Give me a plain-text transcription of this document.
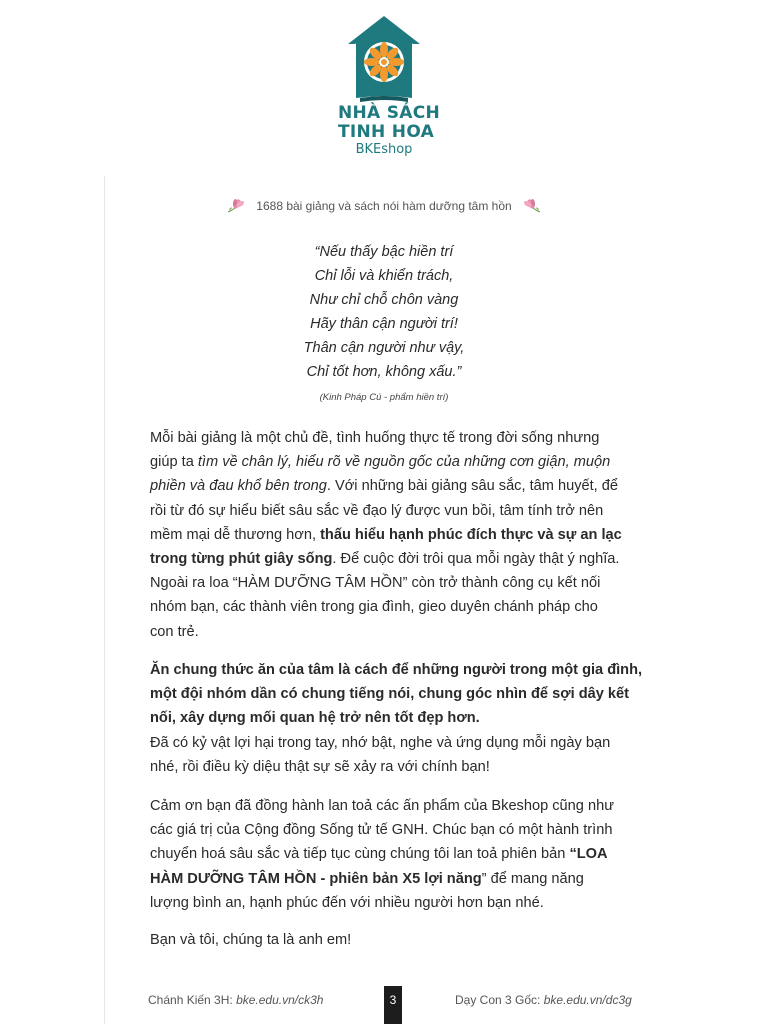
NHÀ SÁCH
TINH HOA
BKEshop
1688 bài giảng và sách nói hàm dưỡng tâm hồn
“Nếu thấy bậc hiền trí
Chỉ lỗi và khiển trách,
Như chỉ chỗ chôn vàng
Hãy thân cận người trí!
Thân cận người như vậy,
Chỉ tốt hơn, không xấu.”
(Kinh Pháp Cú - phẩm hiền trí)
Mỗi bài giảng là một chủ đề, tình huống thực tế trong đời sống nhưng
giúp ta tìm về chân lý, hiểu rõ về nguồn gốc của những cơn giận, muộn
phiền và đau khổ bên trong. Với những bài giảng sâu sắc, tâm huyết, để
rồi từ đó sự hiểu biết sâu sắc về đạo lý được vun bồi, tâm tính trở nên
mềm mại dễ thương hơn, thấu hiểu hạnh phúc đích thực và sự an lạc
trong từng phút giây sống. Để cuộc đời trôi qua mỗi ngày thật ý nghĩa.
Ngoài ra loa “HÀM DƯỠNG TÂM HỒN” còn trở thành công cụ kết nối
nhóm bạn, các thành viên trong gia đình, gieo duyên chánh pháp cho
con trẻ.
Ăn chung thức ăn của tâm là cách để những người trong một gia đình,
một đội nhóm dần có chung tiếng nói, chung góc nhìn để sợi dây kết
nối, xây dựng mối quan hệ trở nên tốt đẹp hơn.
Đã có kỷ vật lợi hại trong tay, nhớ bật, nghe và ứng dụng mỗi ngày bạn
nhé, rồi điều kỳ diệu thật sự sẽ xảy ra với chính bạn!
Cảm ơn bạn đã đồng hành lan toả các ấn phẩm của Bkeshop cũng như
các giá trị của Cộng đồng Sống tử tế GNH. Chúc bạn có một hành trình
chuyển hoá sâu sắc và tiếp tục cùng chúng tôi lan toả phiên bản “LOA
HÀM DƯỠNG TÂM HỒN - phiên bản X5 lợi năng” để mang năng
lượng bình an, hạnh phúc đến với nhiều người hơn bạn nhé.
Bạn và tôi, chúng ta là anh em!
Chánh Kiến 3H: bke.edu.vn/ck3h	3	Dạy Con 3 Gốc: bke.edu.vn/dc3g
